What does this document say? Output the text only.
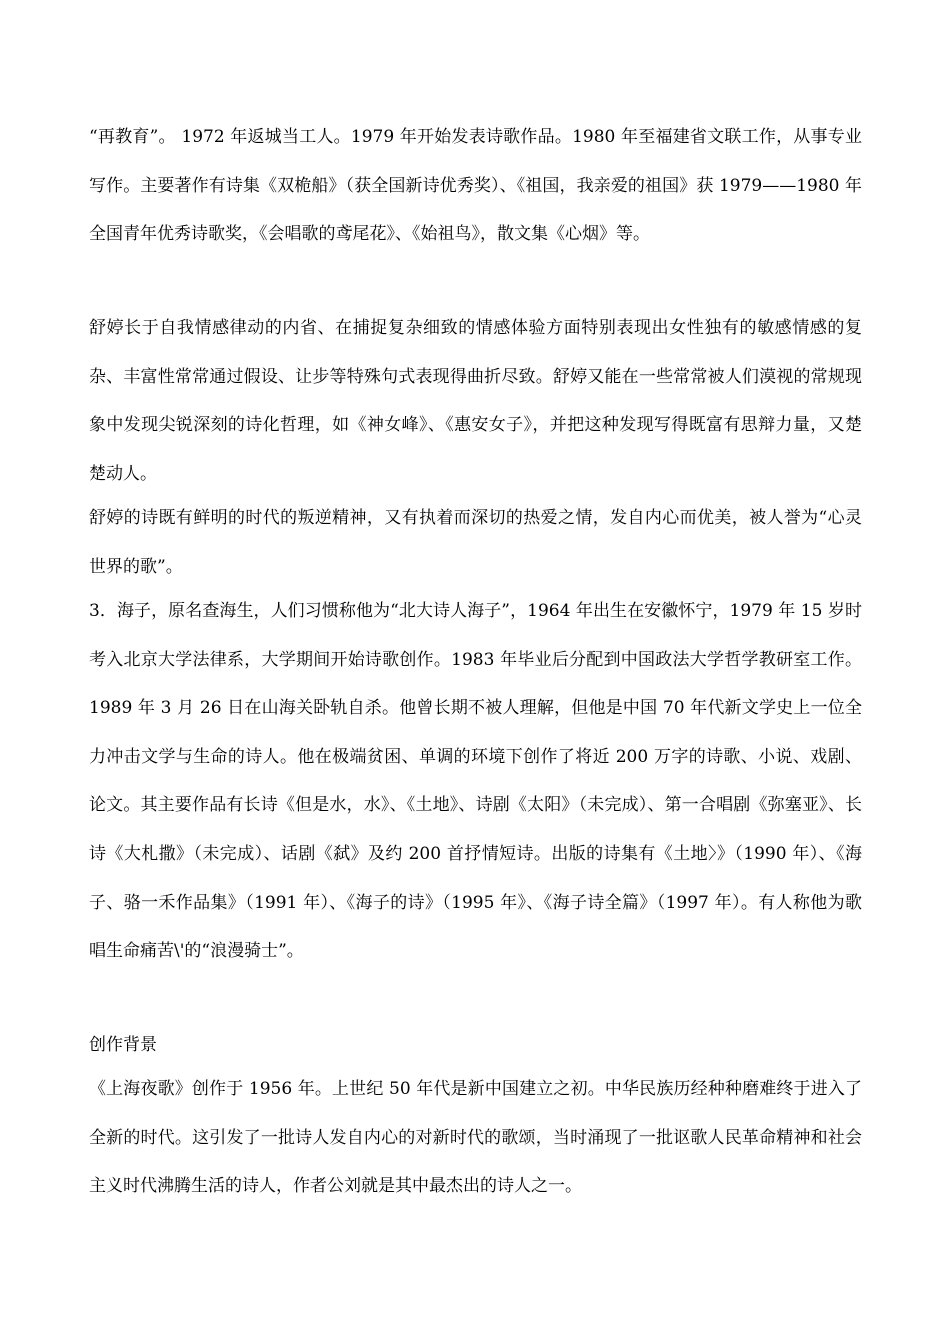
“再教育”。 1972 年返城当工人。1979 年开始发表诗歌作品。1980 年至福建省文联工作，从事专业写作。主要著作有诗集《双桅船》（获全国新诗优秀奖）、《祖国，我亲爱的祖国》获 1979——1980 年全国青年优秀诗歌奖，《会唱歌的鸢尾花》、《始祖鸟》，散文集《心烟》等。

舒婷长于自我情感律动的内省、在捕捉复杂细致的情感体验方面特别表现出女性独有的敏感情感的复杂、丰富性常常通过假设、让步等特殊句式表现得曲折尽致。舒婷又能在一些常常被人们漠视的常规现象中发现尖锐深刻的诗化哲理，如《神女峰》、《惠安女子》，并把这种发现写得既富有思辩力量，又楚楚动人。

舒婷的诗既有鲜明的时代的叛逆精神，又有执着而深切的热爱之情，发自内心而优美，被人誉为“心灵世界的歌”。

3．海子，原名查海生，人们习惯称他为“北大诗人海子”，1964 年出生在安徽怀宁，1979 年 15 岁时考入北京大学法律系，大学期间开始诗歌创作。1983 年毕业后分配到中国政法大学哲学教研室工作。1989 年 3 月 26 日在山海关卧轨自杀。他曾长期不被人理解，但他是中国 70 年代新文学史上一位全力冲击文学与生命的诗人。他在极端贫困、单调的环境下创作了将近 200 万字的诗歌、小说、戏剧、论文。其主要作品有长诗《但是水，水》、《土地》、诗剧《太阳》（未完成）、第一合唱剧《弥塞亚》、长诗《大札撒》（未完成）、话剧《弑》及约 200 首抒情短诗。出版的诗集有《土地〉》（1990 年）、《海子、骆一禾作品集》（1991 年）、《海子的诗》（1995 年》、《海子诗全篇》（1997 年）。有人称他为歌唱生命痛苦\'的“浪漫骑士”。

创作背景

《上海夜歌》创作于 1956 年。上世纪 50 年代是新中国建立之初。中华民族历经种种磨难终于进入了全新的时代。这引发了一批诗人发自内心的对新时代的歌颂，当时涌现了一批讴歌人民革命精神和社会主义时代沸腾生活的诗人，作者公刘就是其中最杰出的诗人之一。
